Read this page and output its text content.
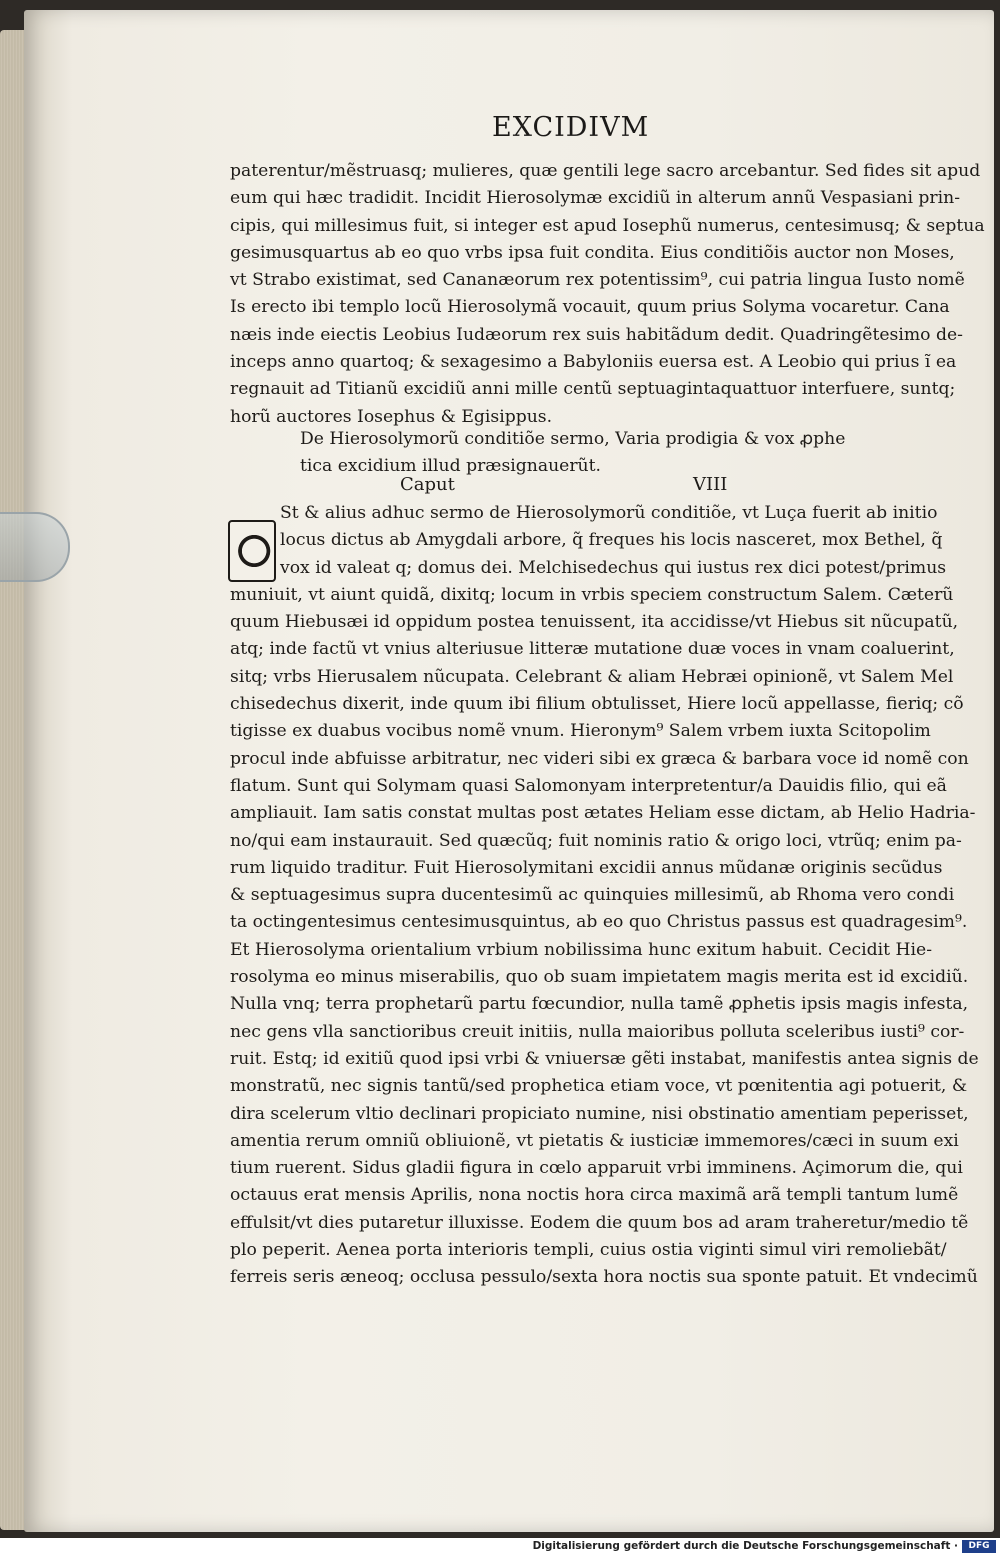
EXCIDIVM
paterentur/mẽstruasq; mulieres, quæ gentili lege sacro arcebantur. Sed fides sit apud
eum qui hæc tradidit. Incidit Hierosolymæ excidiũ in alterum annũ Vespasiani prin-
cipis, qui millesimus fuit, si integer est apud Iosephũ numerus, centesimusq; & septua
gesimusquartus ab eo quo vrbs ipsa fuit condita. Eius conditiõis auctor non Moses,
vt Strabo existimat, sed Cananæorum rex potentissim⁹, cui patria lingua Iusto nomẽ
Is erecto ibi templo locũ Hierosolymã vocauit, quum prius Solyma vocaretur. Cana
næis inde eiectis Leobius Iudæorum rex suis habitãdum dedit. Quadringẽtesimo de-
inceps anno quartoq; & sexagesimo a Babyloniis euersa est. A Leobio qui prius ĩ ea
regnauit ad Titianũ excidiũ anni mille centũ septuagintaquattuor interfuere, suntq;
horũ auctores Iosephus & Egisippus.
De Hierosolymorũ conditiõe sermo, Varia prodigia & vox ꝓphe
tica excidium illud præsignauerũt.
Caput	VIII
St & alius adhuc sermo de Hierosolymorũ conditiõe, vt Luça fuerit ab initio
locus dictus ab Amygdali arbore, q̃ freques his locis nasceret, mox Bethel, q̃
vox id valeat q; domus dei. Melchisedechus qui iustus rex dici potest/primus
muniuit, vt aiunt quidã, dixitq; locum in vrbis speciem constructum Salem. Cæterũ
quum Hiebusæi id oppidum postea tenuissent, ita accidisse/vt Hiebus sit nũcupatũ,
atq; inde factũ vt vnius alteriusue litteræ mutatione duæ voces in vnam coaluerint,
sitq; vrbs Hierusalem nũcupata. Celebrant & aliam Hebræi opinionẽ, vt Salem Mel
chisedechus dixerit, inde quum ibi filium obtulisset, Hiere locũ appellasse, fieriq; cõ
tigisse ex duabus vocibus nomẽ vnum. Hieronym⁹ Salem vrbem iuxta Scitopolim
procul inde abfuisse arbitratur, nec videri sibi ex græca & barbara voce id nomẽ con
flatum. Sunt qui Solymam quasi Salomonyam interpretentur/a Dauidis filio, qui eã
ampliauit. Iam satis constat multas post ætates Heliam esse dictam, ab Helio Hadria-
no/qui eam instaurauit. Sed quæcũq; fuit nominis ratio & origo loci, vtrũq; enim pa-
rum liquido traditur. Fuit Hierosolymitani excidii annus mũdanæ originis secũdus
& septuagesimus supra ducentesimũ ac quinquies millesimũ, ab Rhoma vero condi
ta octingentesimus centesimusquintus, ab eo quo Christus passus est quadragesim⁹.
Et Hierosolyma orientalium vrbium nobilissima hunc exitum habuit. Cecidit Hie-
rosolyma eo minus miserabilis, quo ob suam impietatem magis merita est id excidiũ.
Nulla vnq; terra prophetarũ partu fœcundior, nulla tamẽ ꝓphetis ipsis magis infesta,
nec gens vlla sanctioribus creuit initiis, nulla maioribus polluta sceleribus iusti⁹ cor-
ruit. Estq; id exitiũ quod ipsi vrbi & vniuersæ gẽti instabat, manifestis antea signis de
monstratũ, nec signis tantũ/sed prophetica etiam voce, vt pœnitentia agi potuerit, &
dira scelerum vltio declinari propiciato numine, nisi obstinatio amentiam peperisset,
amentia rerum omniũ obliuionẽ, vt pietatis & iusticiæ immemores/cæci in suum exi
tium ruerent. Sidus gladii figura in cœlo apparuit vrbi imminens. Açimorum die, qui
octauus erat mensis Aprilis, nona noctis hora circa maximã arã templi tantum lumẽ
effulsit/vt dies putaretur illuxisse. Eodem die quum bos ad aram traheretur/medio tẽ
plo peperit. Aenea porta interioris templi, cuius ostia viginti simul viri remoliebãt/
ferreis seris æneoq; occlusa pessulo/sexta hora noctis sua sponte patuit. Et vndecimũ
Digitalisierung gefördert durch die Deutsche Forschungsgemeinschaft ·	DFG
